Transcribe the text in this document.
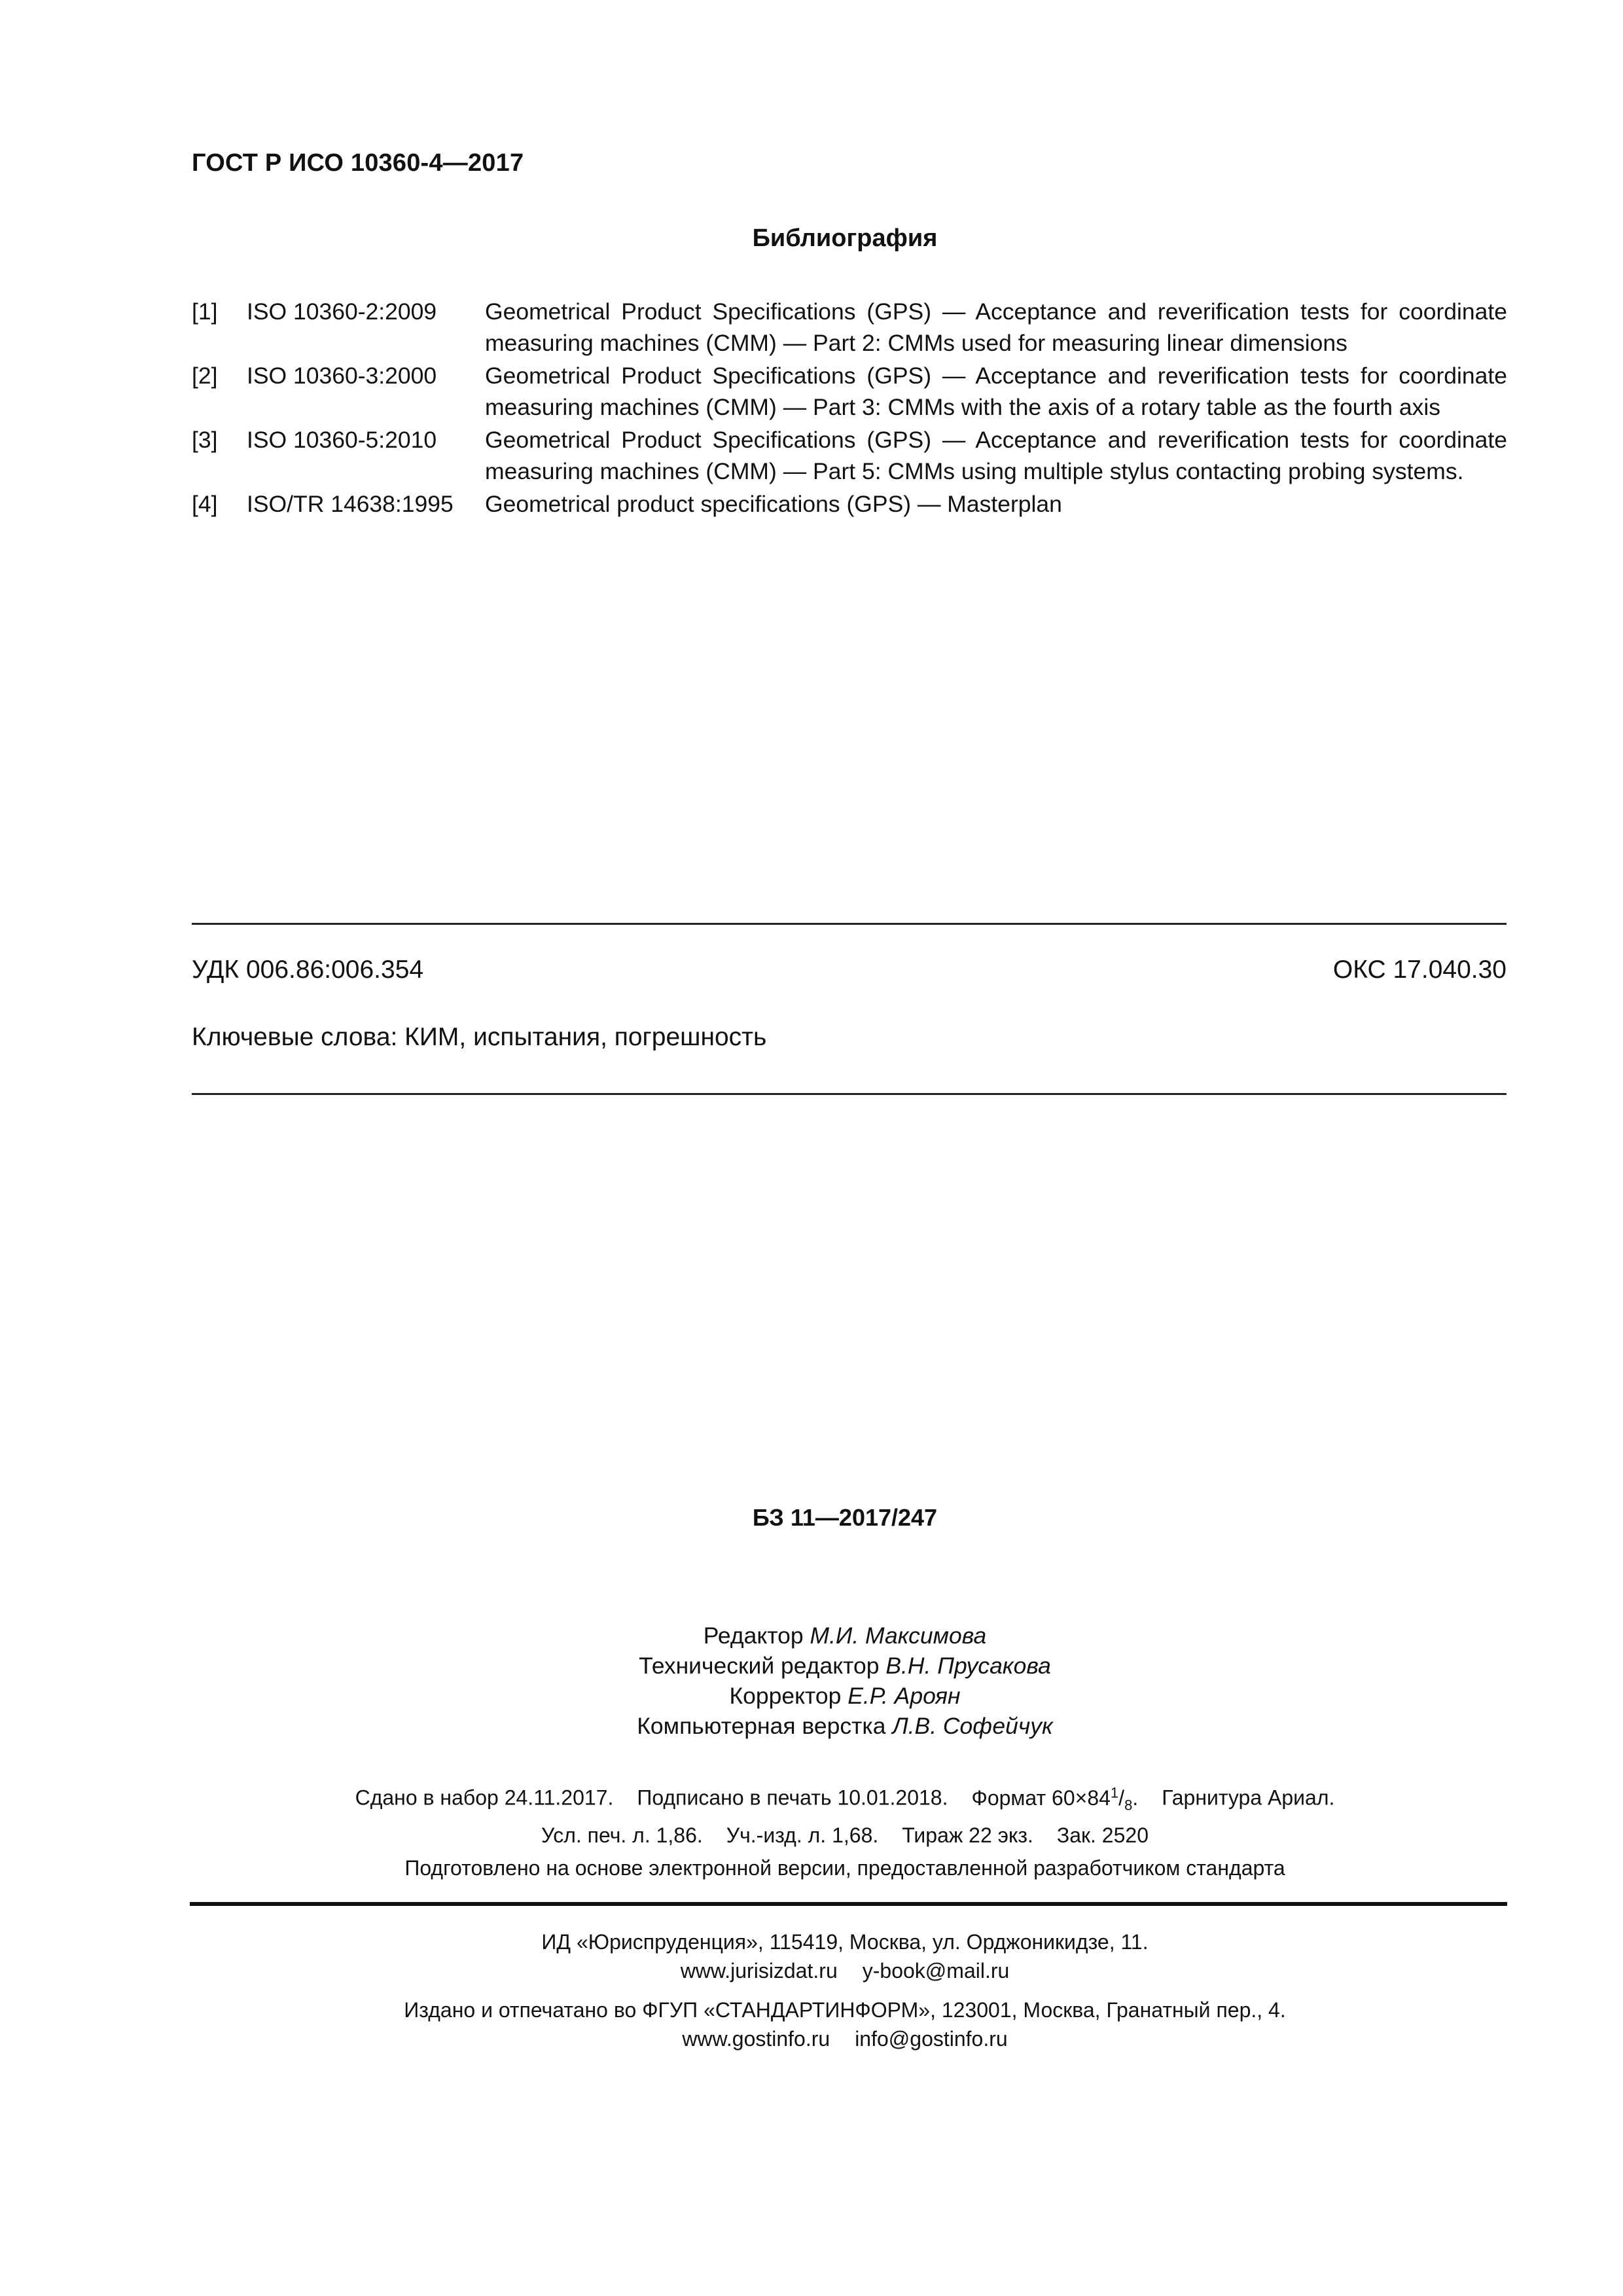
ГОСТ Р ИСО 10360-4—2017
Библиография
[1]	ISO 10360-2:2009	Geometrical Product Specifications (GPS) — Acceptance and reverification tests for coordinate measuring machines (CMM) — Part 2: CMMs used for measuring linear dimensions
[2]	ISO 10360-3:2000	Geometrical Product Specifications (GPS) — Acceptance and reverification tests for coordinate measuring machines (CMM) — Part 3: CMMs with the axis of a rotary table as the fourth axis
[3]	ISO 10360-5:2010	Geometrical Product Specifications (GPS) — Acceptance and reverification tests for coordinate measuring machines (CMM) — Part 5: CMMs using multiple stylus contacting probing systems.
[4]	ISO/TR 14638:1995	Geometrical product specifications (GPS) — Masterplan
УДК 006.86:006.354	ОКС 17.040.30
Ключевые слова: КИМ, испытания, погрешность
БЗ 11—2017/247
Редактор М.И. Максимова
Технический редактор В.Н. Прусакова
Корректор Е.Р. Ароян
Компьютерная верстка Л.В. Софейчук
Сдано в набор 24.11.2017. Подписано в печать 10.01.2018. Формат $60\times 84^1/_8$. Гарнитура Ариал.
Усл. печ. л. 1,86. Уч.-изд. л. 1,68. Тираж 22 экз. Зак. 2520
Подготовлено на основе электронной версии, предоставленной разработчиком стандарта
ИД «Юриспруденция», 115419, Москва, ул. Орджоникидзе, 11.
www.jurisizdat.ru y-book@mail.ru
Издано и отпечатано во ФГУП «СТАНДАРТИНФОРМ», 123001, Москва, Гранатный пер., 4.
www.gostinfo.ru info@gostinfo.ru
